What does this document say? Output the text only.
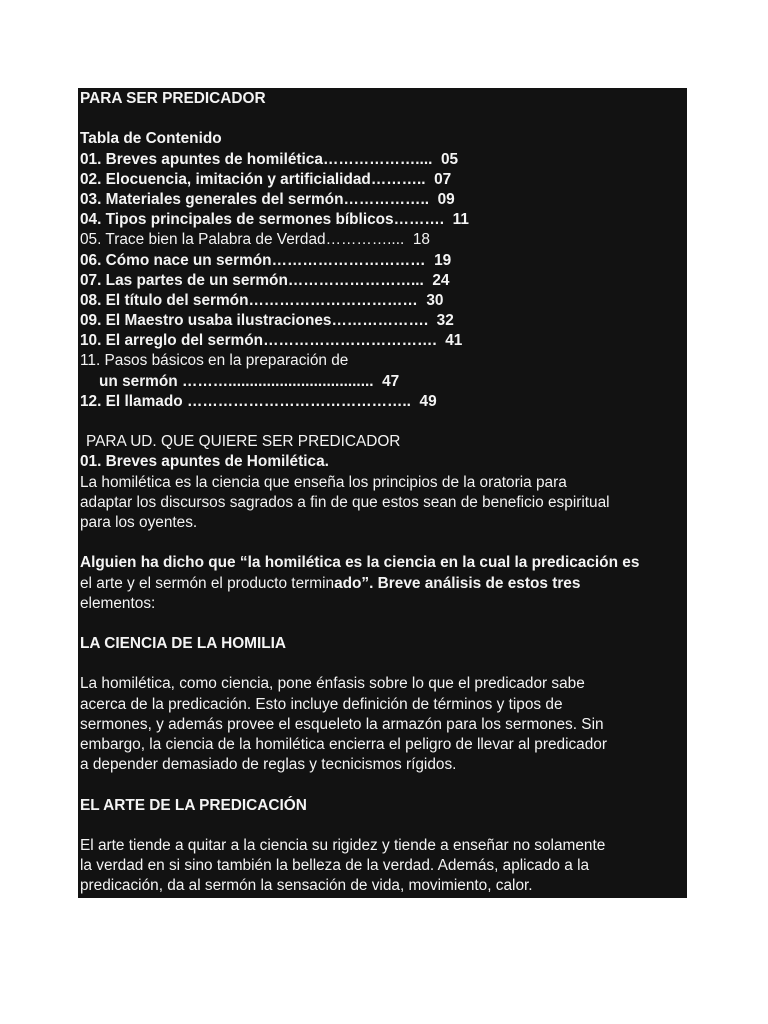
PARA SER PREDICADOR
Tabla de Contenido
01. Breves apuntes de homilética……………….... 05
02. Elocuencia, imitación y artificialidad……….. 07
03. Materiales generales del sermón…………….. 09
04. Tipos principales de sermones bíblicos………. 11
05. Trace bien la Palabra de Verdad………….... 18
06. Cómo nace un sermón………………………… 19
07. Las partes de un sermón……………………... 24
08. El título del sermón…………………………… 30
09. El Maestro usaba ilustraciones………………. 32
10. El arreglo del sermón……………………………. 41
11. Pasos básicos en la preparación de
un sermón ……….................................. 47
12. El llamado …………………………………….. 49
PARA UD. QUE QUIERE SER PREDICADOR
01. Breves apuntes de Homilética.
La homilética es la ciencia que enseña los principios de la oratoria para
adaptar los discursos sagrados a fin de que estos sean de beneficio espiritual
para los oyentes.
Alguien ha dicho que “la homilética es la ciencia en la cual la predicación es
el arte y el sermón el producto terminado”. Breve análisis de estos tres
elementos:
LA CIENCIA DE LA HOMILIA
La homilética, como ciencia, pone énfasis sobre lo que el predicador sabe
acerca de la predicación. Esto incluye definición de términos y tipos de
sermones, y además provee el esqueleto la armazón para los sermones. Sin
embargo, la ciencia de la homilética encierra el peligro de llevar al predicador
a depender demasiado de reglas y tecnicismos rígidos.
EL ARTE DE LA PREDICACIÓN
El arte tiende a quitar a la ciencia su rigidez y tiende a enseñar no solamente
la verdad en si sino también la belleza de la verdad. Además, aplicado a la
predicación, da al sermón la sensación de vida, movimiento, calor.
